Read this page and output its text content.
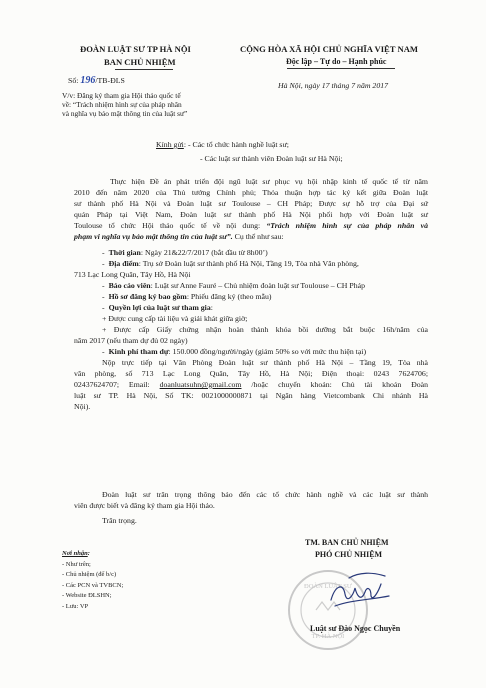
ĐOÀN LUẬT SƯ TP HÀ NỘI
BAN CHỦ NHIỆM
Số: 196/TB-ĐLS
V/v: Đăng ký tham gia Hội thảo quốc tế
về: “Trách nhiệm hình sự của pháp nhân
và nghĩa vụ bảo mật thông tin của luật sư”
CỘNG HÒA XÃ HỘI CHỦ NGHĨA VIỆT NAM
Độc lập – Tự do – Hạnh phúc
Hà Nội, ngày 17 tháng 7 năm 2017
Kính gửi: - Các tổ chức hành nghề luật sư;
- Các luật sư thành viên Đoàn luật sư Hà Nội;
Thực hiện Đề án phát triển đội ngũ luật sư phục vụ hội nhập kinh tế quốc tế từ năm
2010 đến năm 2020 của Thủ tướng Chính phủ; Thỏa thuận hợp tác ký kết giữa Đoàn luật
sư thành phố Hà Nội và Đoàn luật sư Toulouse – CH Pháp; Được sự hỗ trợ của Đại sứ
quán Pháp tại Việt Nam, Đoàn luật sư thành phố Hà Nội phối hợp với Đoàn luật sư
Toulouse tổ chức Hội thảo quốc tế về nội dung: “Trách nhiệm hình sự của pháp nhân và
phạm vi nghĩa vụ bảo mật thông tin của luật sư”. Cụ thể như sau:
- Thời gian: Ngày 21&22/7/2017 (bắt đầu từ 8h00’)
- Địa điểm: Trụ sở Đoàn luật sư thành phố Hà Nội, Tầng 19, Tòa nhà Văn phòng,
713 Lạc Long Quân, Tây Hồ, Hà Nội
- Báo cáo viên: Luật sư Anne Fauré – Chủ nhiệm đoàn luật sư Toulouse – CH Pháp
- Hồ sơ đăng ký bao gồm: Phiếu đăng ký (theo mẫu)
- Quyền lợi của luật sư tham gia:
+ Được cung cấp tài liệu và giải khát giữa giờ;
+ Được cấp Giấy chứng nhận hoàn thành khóa bồi dưỡng bắt buộc 16h/năm của
năm 2017 (nếu tham dự đủ 02 ngày)
- Kinh phí tham dự: 150.000 đồng/người/ngày (giảm 50% so với mức thu hiện tại)
Nộp trực tiếp tại Văn Phòng Đoàn luật sư thành phố Hà Nội – Tầng 19, Tòa nhà
văn phòng, số 713 Lạc Long Quân, Tây Hồ, Hà Nội; Điện thoại: 0243 7624706;
02437624707; Email: doanluatsuhn@gmail.com /hoặc chuyển khoản: Chủ tài khoản Đoàn
luật sư TP. Hà Nội, Số TK: 0021000000871 tại Ngân hàng Vietcombank Chi nhánh Hà
Nội).
Đoàn luật sư trân trọng thông báo đến các tổ chức hành nghề và các luật sư thành
viên được biết và đăng ký tham gia Hội thảo.
Trân trọng.
TM. BAN CHỦ NHIỆM
PHÓ CHỦ NHIỆM
ĐOÀN LUẬT SƯ
TP. HÀ NỘI
Luật sư Đào Ngọc Chuyền
Nơi nhận:
- Như trên;
- Chủ nhiệm (để b/c)
- Các PCN và TVBCN;
- Website ĐLSHN;
- Lưu: VP
